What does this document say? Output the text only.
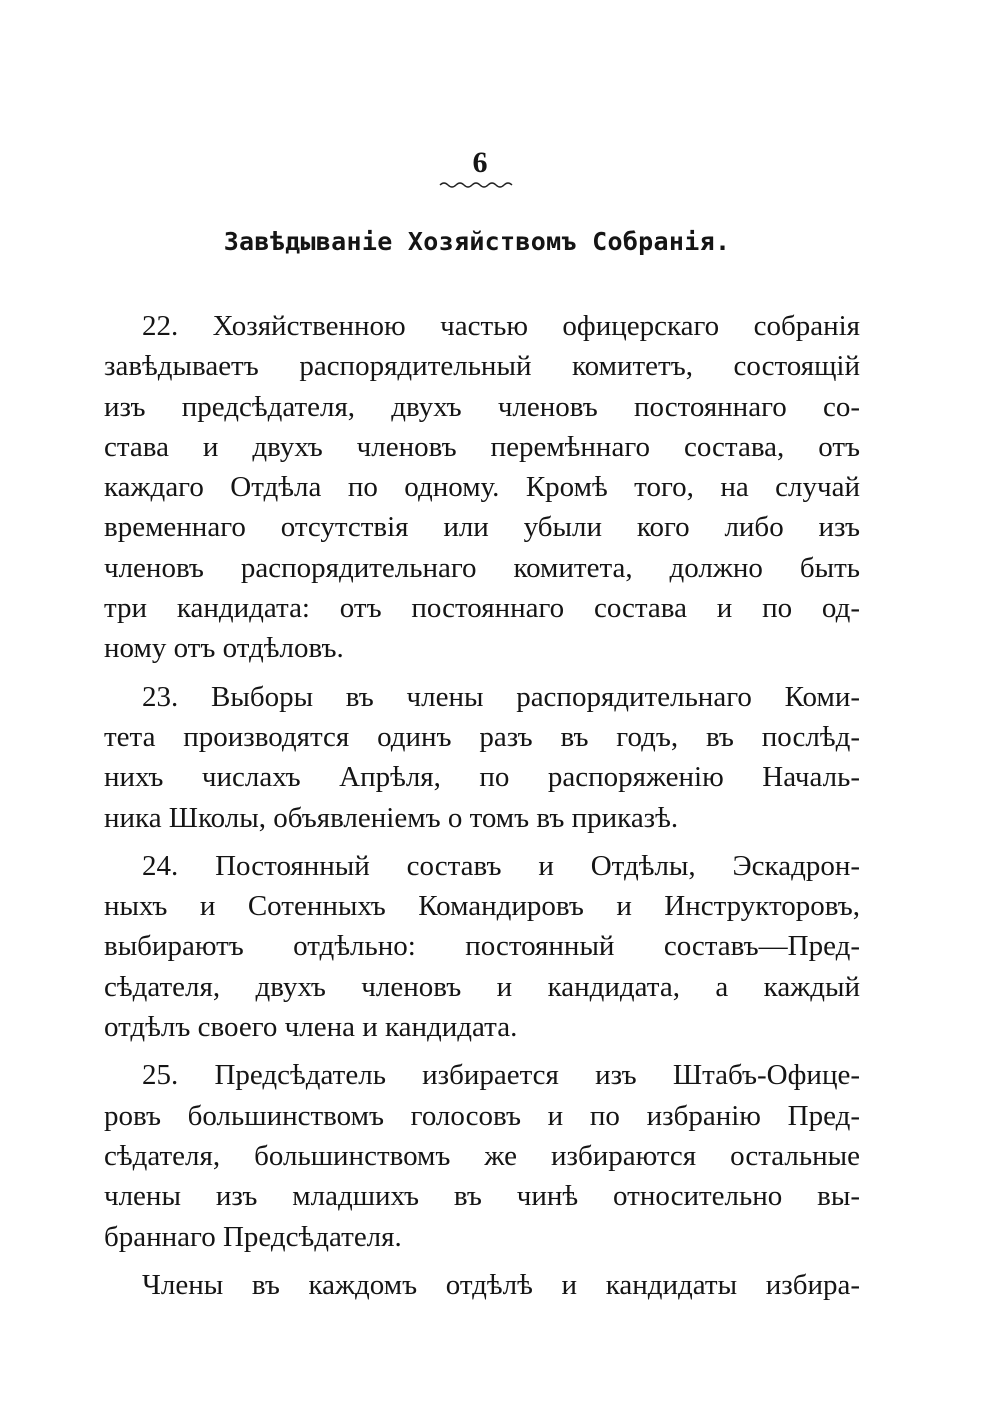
6
Завѣдываніе Хозяйствомъ Собранія.
22. Хозяйственною частью офицерскаго собранія
завѣдываетъ распорядительный комитетъ, состоящій
изъ предсѣдателя, двухъ членовъ постояннаго со-
става и двухъ членовъ перемѣннаго состава, отъ
каждаго Отдѣла по одному. Кромѣ того, на случай
временнаго отсутствія или убыли кого либо изъ
членовъ распорядительнаго комитета, должно быть
три кандидата: отъ постояннаго состава и по од-
ному отъ отдѣловъ.
23. Выборы въ члены распорядительнаго Коми-
тета производятся одинъ разъ въ годъ, въ послѣд-
нихъ числахъ Апрѣля, по распоряженію Началь-
ника Школы, объявленіемъ о томъ въ приказѣ.
24. Постоянный составъ и Отдѣлы, Эскадрон-
ныхъ и Сотенныхъ Командировъ и Инструкторовъ,
выбираютъ отдѣльно: постоянный составъ—Пред-
сѣдателя, двухъ членовъ и кандидата, а каждый
отдѣлъ своего члена и кандидата.
25. Предсѣдатель избирается изъ Штабъ-Офице-
ровъ большинствомъ голосовъ и по избранію Пред-
сѣдателя, большинствомъ же избираются остальные
члены изъ младшихъ въ чинѣ относительно вы-
браннаго Предсѣдателя.
Члены въ каждомъ отдѣлѣ и кандидаты избира-
